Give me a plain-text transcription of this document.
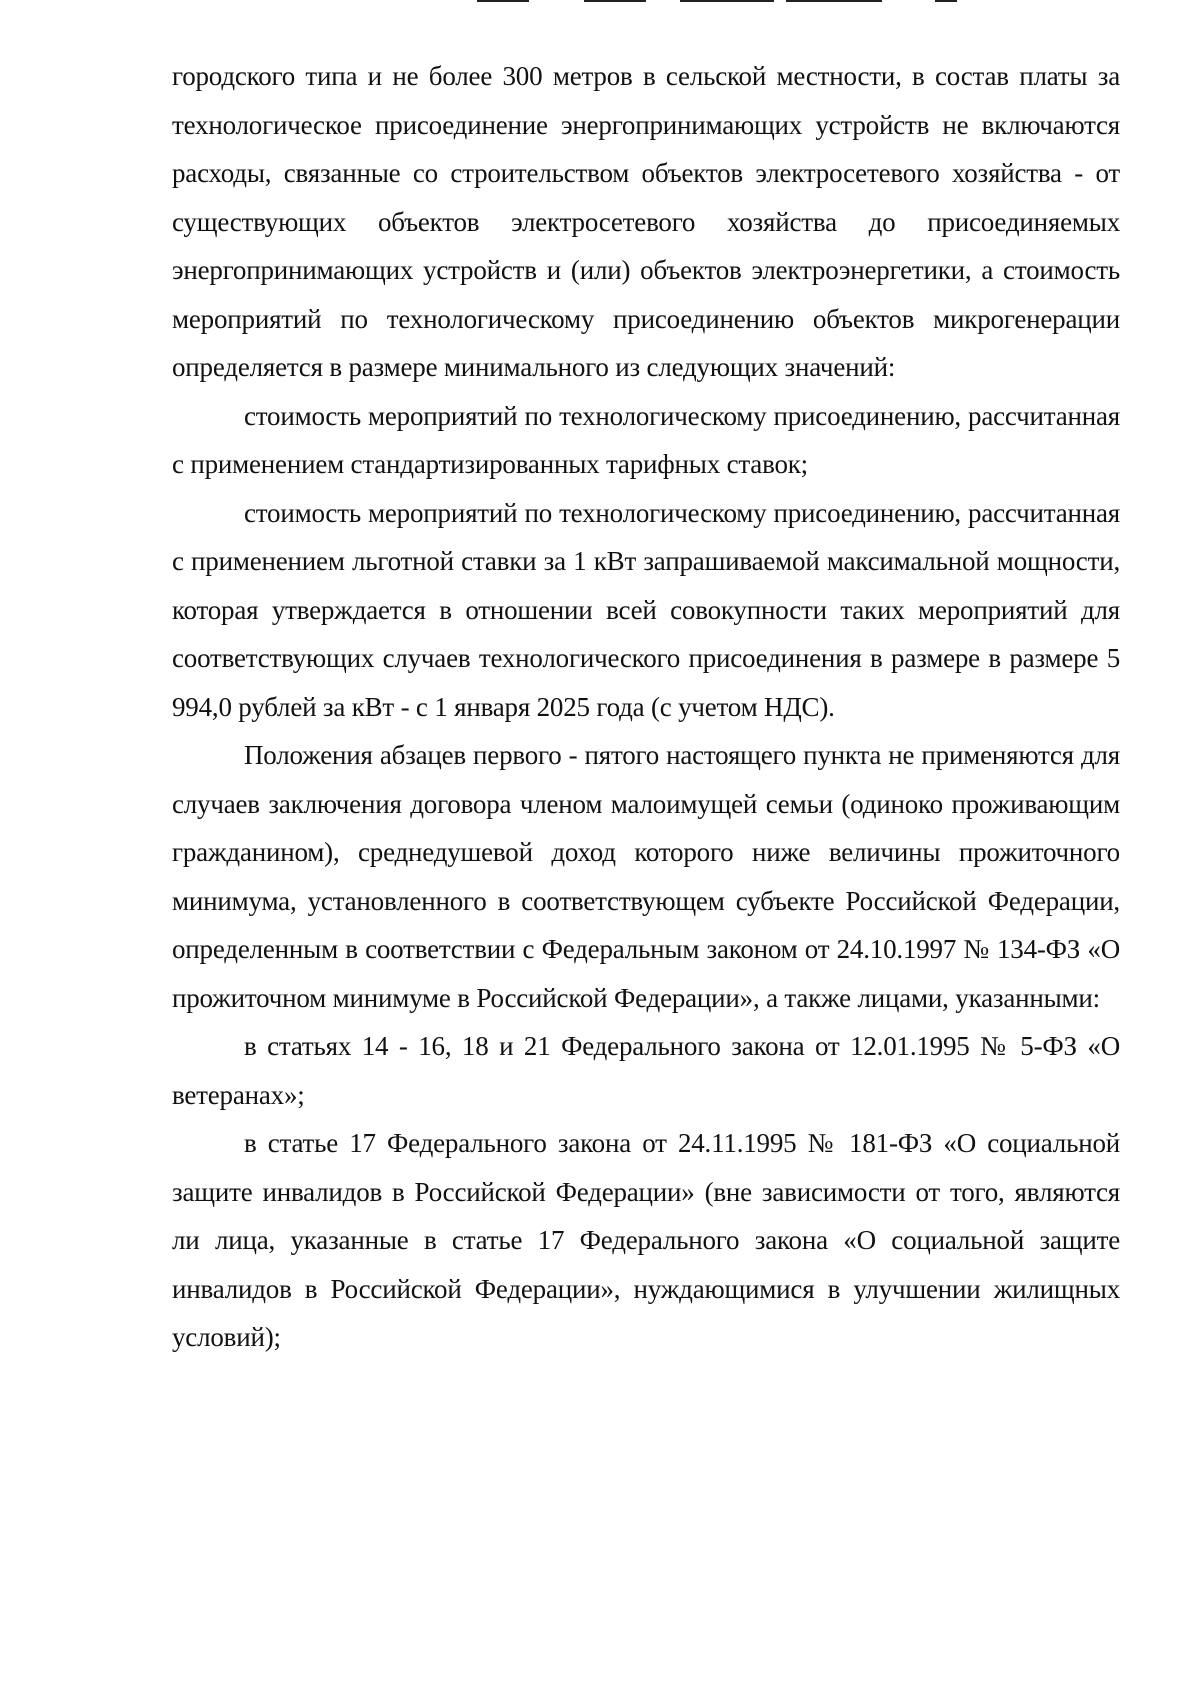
городского типа и не более 300 метров в сельской местности, в состав платы за технологическое присоединение энергопринимающих устройств не включаются расходы, связанные со строительством объектов электросетевого хозяйства - от существующих объектов электросетевого хозяйства до присоединяемых энергопринимающих устройств и (или) объектов электроэнергетики, а стоимость мероприятий по технологическому присоединению объектов микрогенерации определяется в размере минимального из следующих значений:

стоимость мероприятий по технологическому присоединению, рассчитанная с применением стандартизированных тарифных ставок;

стоимость мероприятий по технологическому присоединению, рассчитанная с применением льготной ставки за 1 кВт запрашиваемой максимальной мощности, которая утверждается в отношении всей совокупности таких мероприятий для соответствующих случаев технологического присоединения в размере в размере 5 994,0 рублей за кВт - с 1 января 2025 года (с учетом НДС).

Положения абзацев первого - пятого настоящего пункта не применяются для случаев заключения договора членом малоимущей семьи (одиноко проживающим гражданином), среднедушевой доход которого ниже величины прожиточного минимума, установленного в соответствующем субъекте Российской Федерации, определенным в соответствии с Федеральным законом от 24.10.1997 № 134-ФЗ «О прожиточном минимуме в Российской Федерации», а также лицами, указанными:

в статьях 14 - 16, 18 и 21 Федерального закона от 12.01.1995 № 5-ФЗ «О ветеранах»;

в статье 17 Федерального закона от 24.11.1995 № 181-ФЗ «О социальной защите инвалидов в Российской Федерации» (вне зависимости от того, являются ли лица, указанные в статье 17 Федерального закона «О социальной защите инвалидов в Российской Федерации», нуждающимися в улучшении жилищных условий);
